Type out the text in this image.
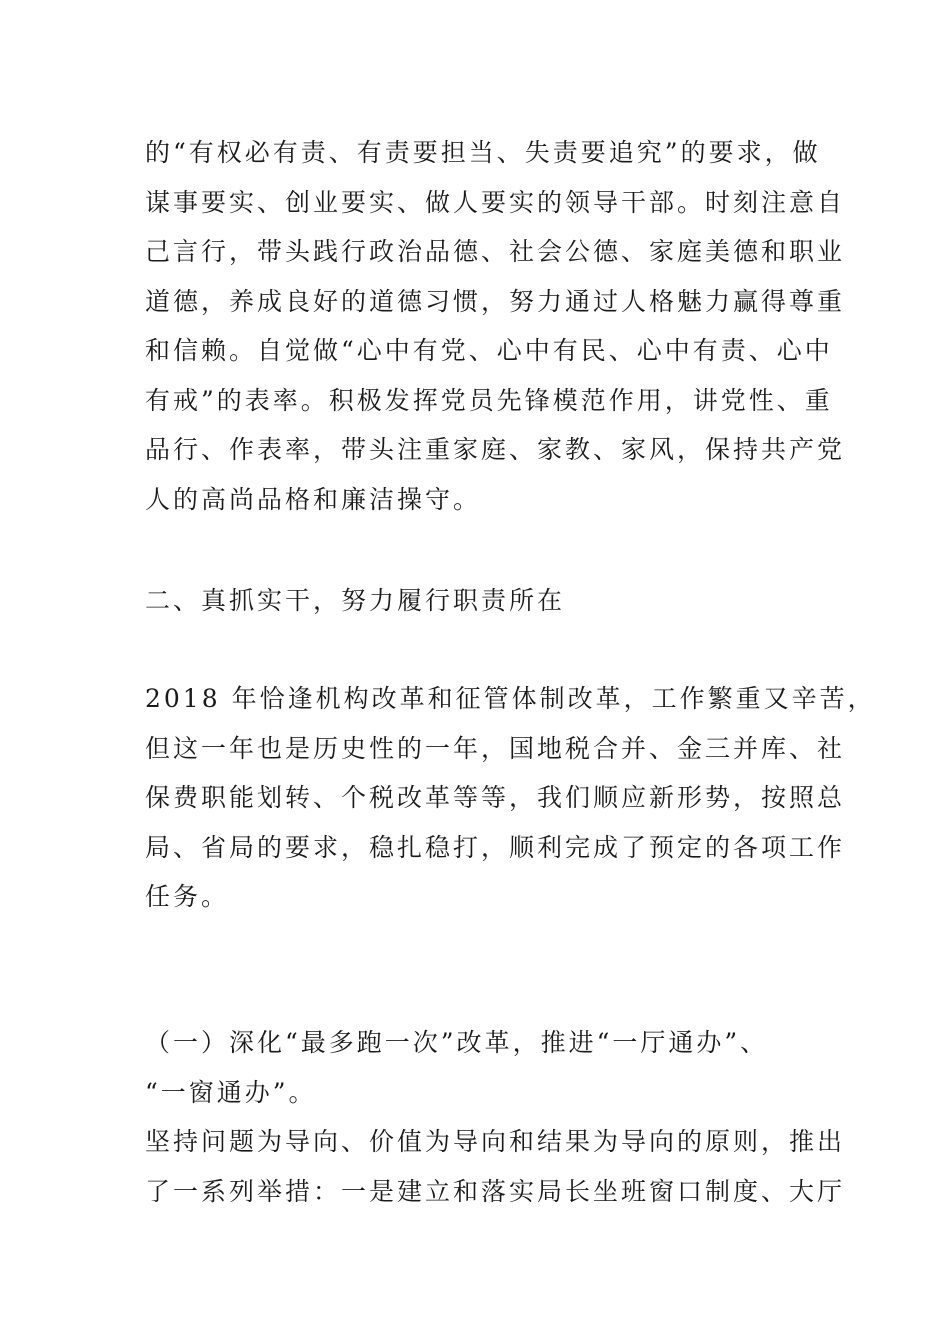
的“有权必有责、有责要担当、失责要追究”的要求，做
谋事要实、创业要实、做人要实的领导干部。时刻注意自
己言行，带头践行政治品德、社会公德、家庭美德和职业
道德，养成良好的道德习惯，努力通过人格魅力赢得尊重
和信赖。自觉做“心中有党、心中有民、心中有责、心中
有戒”的表率。积极发挥党员先锋模范作用，讲党性、重
品行、作表率，带头注重家庭、家教、家风，保持共产党
人的高尚品格和廉洁操守。
二、真抓实干，努力履行职责所在
2018 年恰逢机构改革和征管体制改革，工作繁重又辛苦，
但这一年也是历史性的一年，国地税合并、金三并库、社
保费职能划转、个税改革等等，我们顺应新形势，按照总
局、省局的要求，稳扎稳打，顺利完成了预定的各项工作
任务。
（一）深化“最多跑一次”改革，推进“一厅通办”、
“一窗通办”。
坚持问题为导向、价值为导向和结果为导向的原则，推出
了一系列举措：一是建立和落实局长坐班窗口制度、大厅
